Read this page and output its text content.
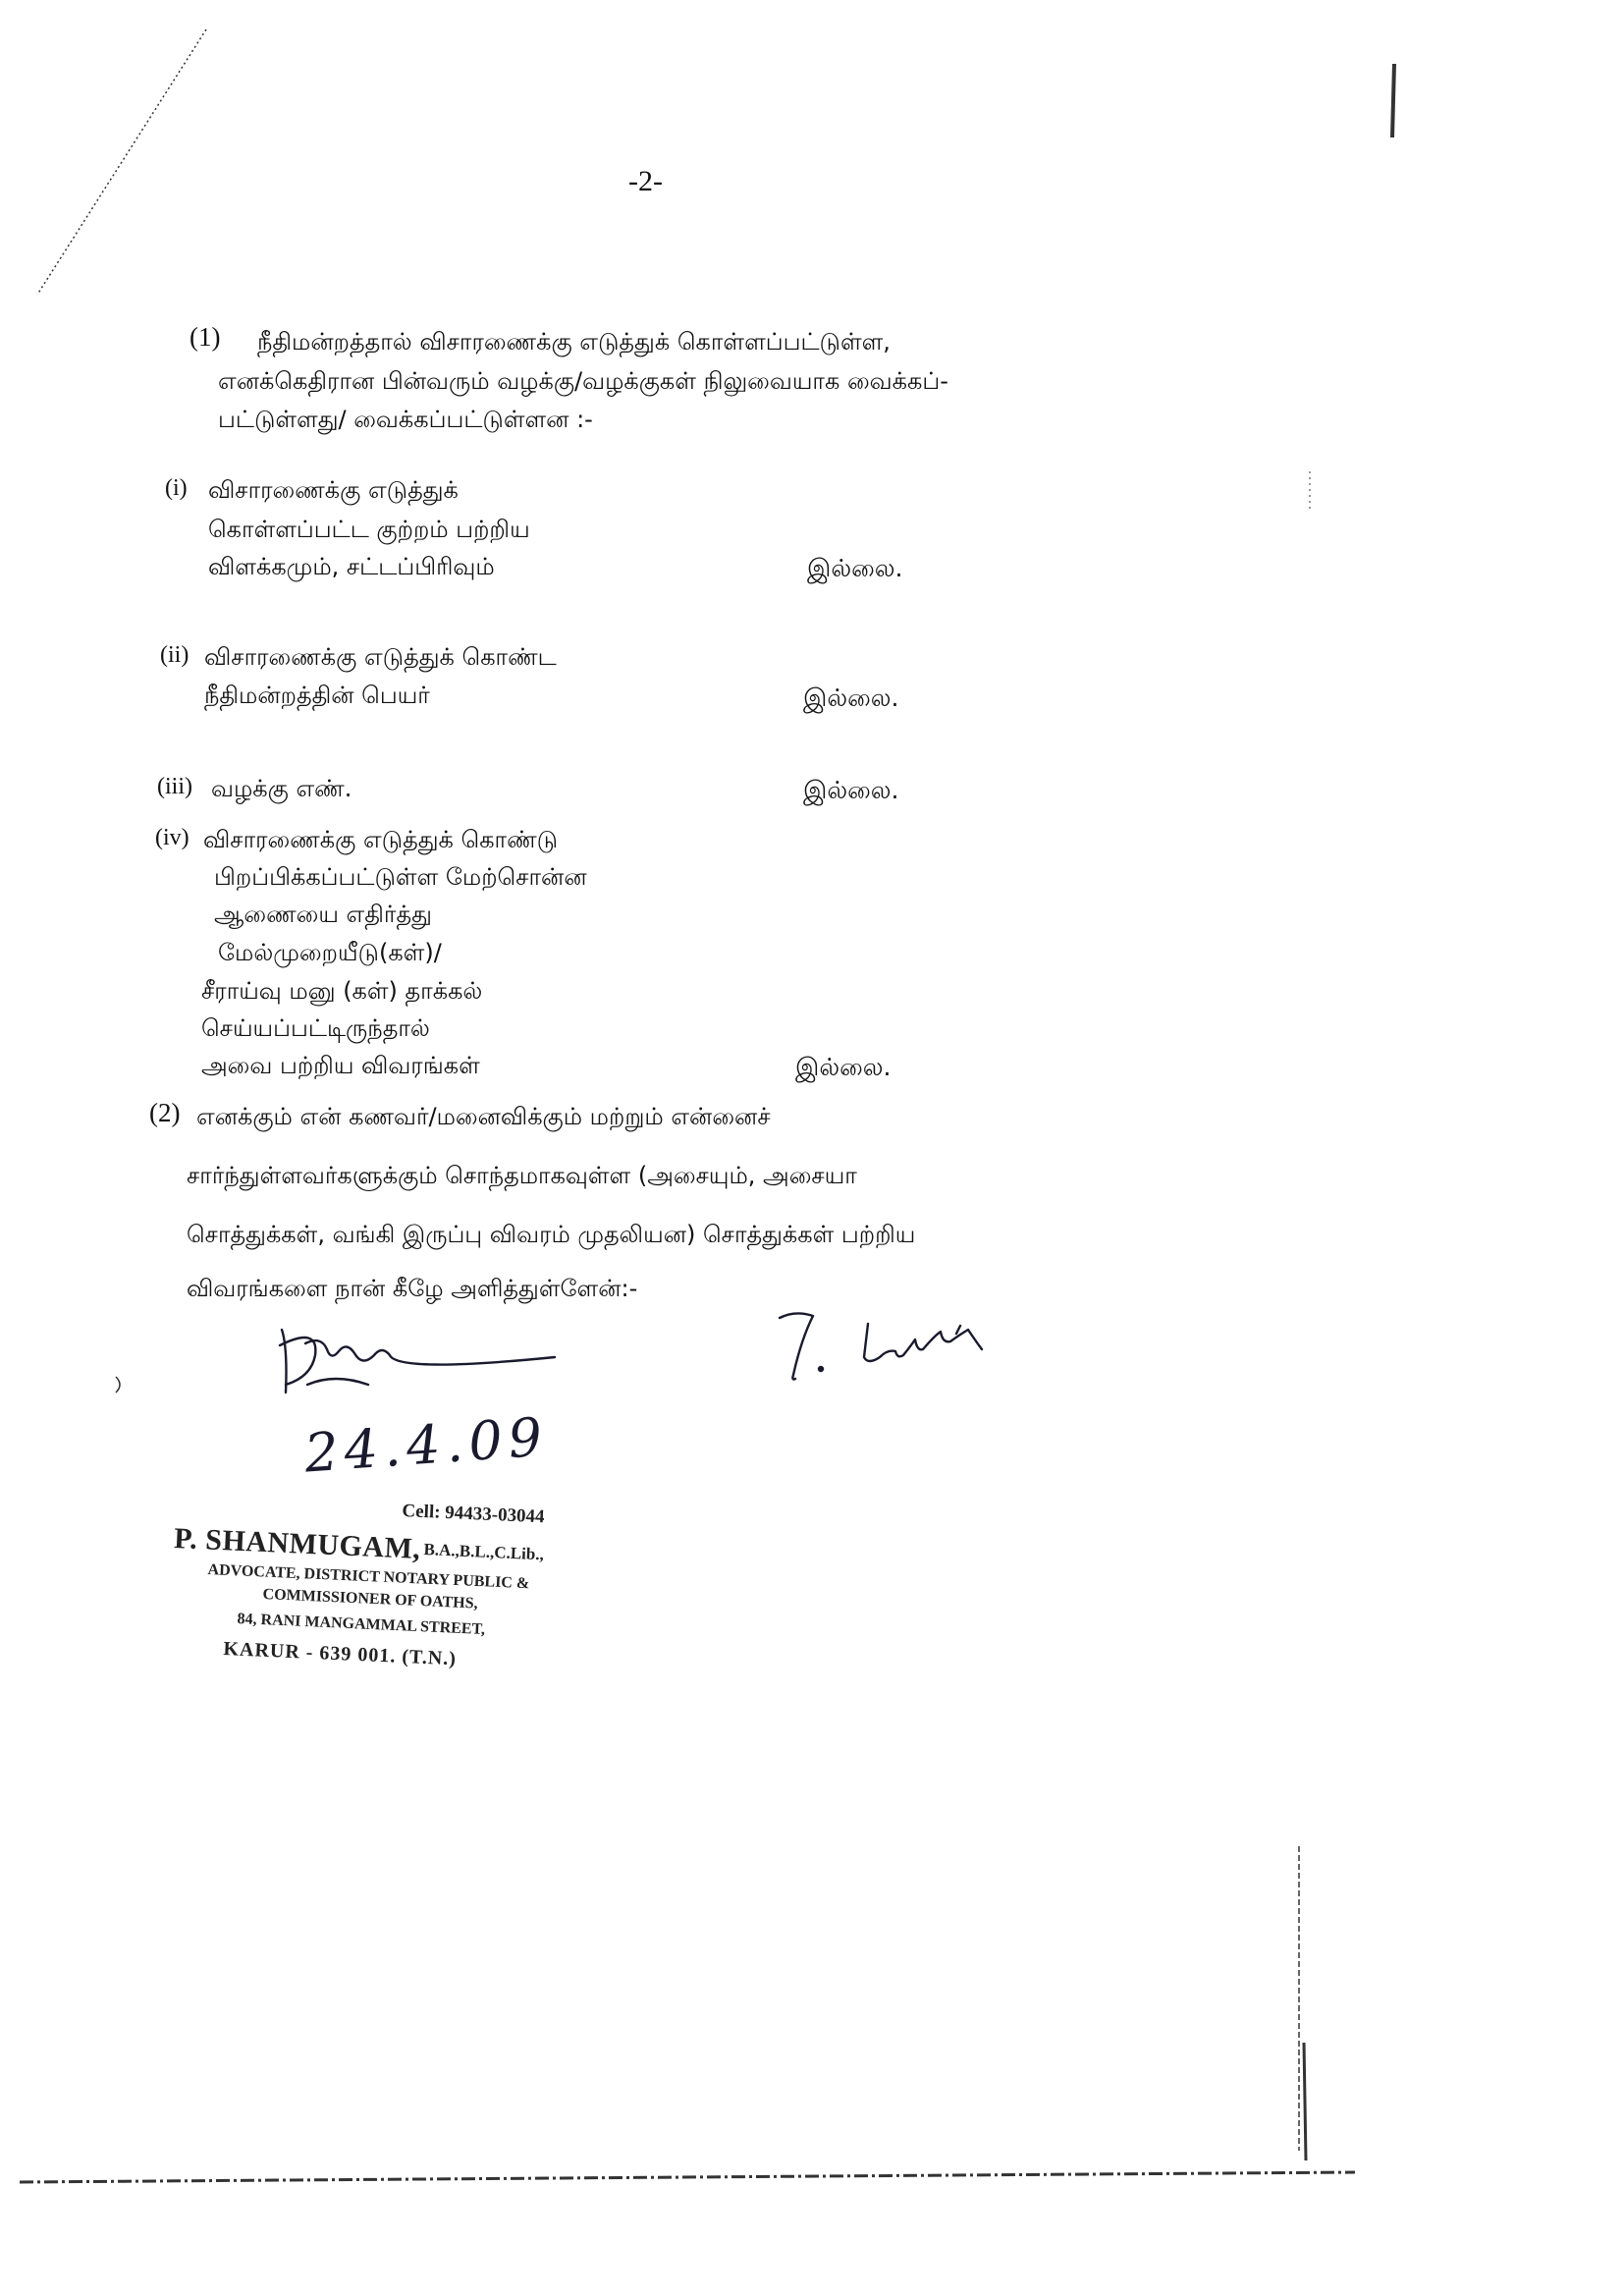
-2-
(1) நீதிமன்றத்தால் விசாரணைக்கு எடுத்துக் கொள்ளப்பட்டுள்ள,
எனக்கெதிரான பின்வரும் வழக்கு/வழக்குகள் நிலுவையாக வைக்கப்-
பட்டுள்ளது/ வைக்கப்பட்டுள்ளன :-
(i) விசாரணைக்கு எடுத்துக்
கொள்ளப்பட்ட குற்றம் பற்றிய
விளக்கமும், சட்டப்பிரிவும்	இல்லை.
(ii) விசாரணைக்கு எடுத்துக் கொண்ட
நீதிமன்றத்தின் பெயர்	இல்லை.
(iii) வழக்கு எண்.	இல்லை.
(iv) விசாரணைக்கு எடுத்துக் கொண்டு
பிறப்பிக்கப்பட்டுள்ள மேற்சொன்ன
ஆணையை எதிர்த்து
மேல்முறையீடு(கள்)/
சீராய்வு மனு (கள்) தாக்கல்
செய்யப்பட்டிருந்தால்
அவை பற்றிய விவரங்கள்	இல்லை.
(2) எனக்கும் என் கணவர்/மனைவிக்கும் மற்றும் என்னைச்
சார்ந்துள்ளவர்களுக்கும் சொந்தமாகவுள்ள (அசையும், அசையா
சொத்துக்கள், வங்கி இருப்பு விவரம் முதலியன) சொத்துக்கள் பற்றிய
விவரங்களை நான் கீழே அளித்துள்ளேன்:-
24.4.09
Cell: 94433-03044
P. SHANMUGAM, B.A.,B.L.,C.Lib.,
ADVOCATE, DISTRICT NOTARY PUBLIC &
COMMISSIONER OF OATHS,
84, RANI MANGAMMAL STREET,
KARUR - 639 001. (T.N.)
